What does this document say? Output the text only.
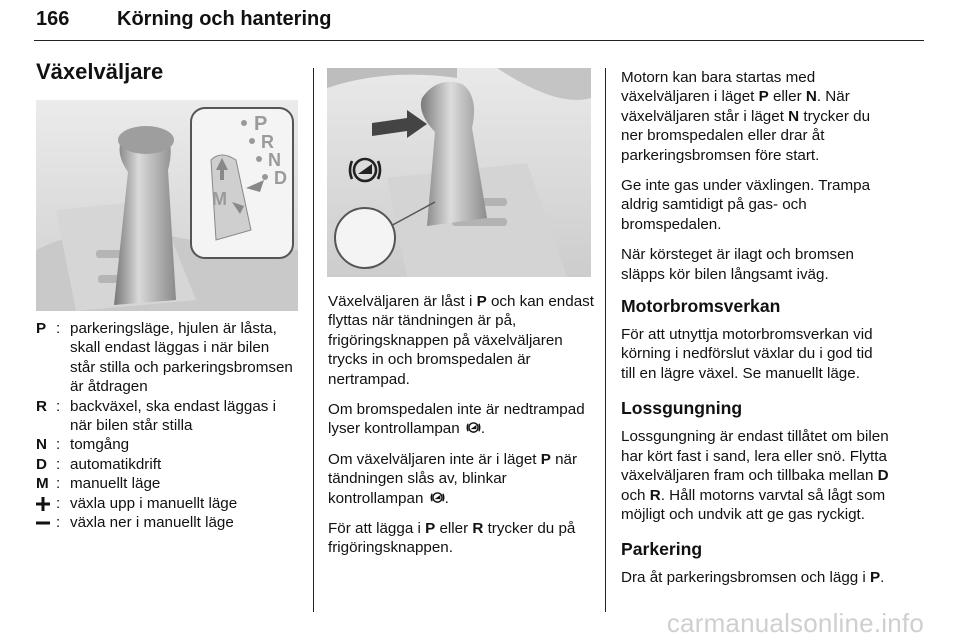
166 Körning och hantering
Växelväljare
P
R
N
D
M
P : parkeringsläge, hjulen är låsta, skall endast läggas i när bilen står stilla och parkeringsbromsen är åtdragen
R : backväxel, ska endast läggas i när bilen står stilla
N : tomgång
D : automatikdrift
M : manuellt läge
: växla upp i manuellt läge
: växla ner i manuellt läge

Växelväljaren är låst i P och kan endast flyttas när tändningen är på, frigöringsknappen på växelväljaren trycks in och bromspedalen är nertrampad.

Om bromspedalen inte är nedtrampad lyser kontrollampan .

Om växelväljaren inte är i läget P när tändningen slås av, blinkar kontrollampan .

För att lägga i P eller R trycker du på frigöringsknappen.

Motorn kan bara startas med växelväljaren i läget P eller N. När växelväljaren står i läget N trycker du ner bromspedalen eller drar åt parkeringsbromsen före start.

Ge inte gas under växlingen. Trampa aldrig samtidigt på gas- och bromspedalen.

När körsteget är ilagt och bromsen släpps kör bilen långsamt iväg.

Motorbromsverkan

För att utnyttja motorbromsverkan vid körning i nedförslut växlar du i god tid till en lägre växel. Se manuellt läge.

Lossgungning

Lossgungning är endast tillåtet om bilen har kört fast i sand, lera eller snö. Flytta växelväljaren fram och tillbaka mellan D och R. Håll motorns varvtal så lågt som möjligt och undvik att ge gas ryckigt.

Parkering

Dra åt parkeringsbromsen och lägg i P.

carmanualsonline.info
